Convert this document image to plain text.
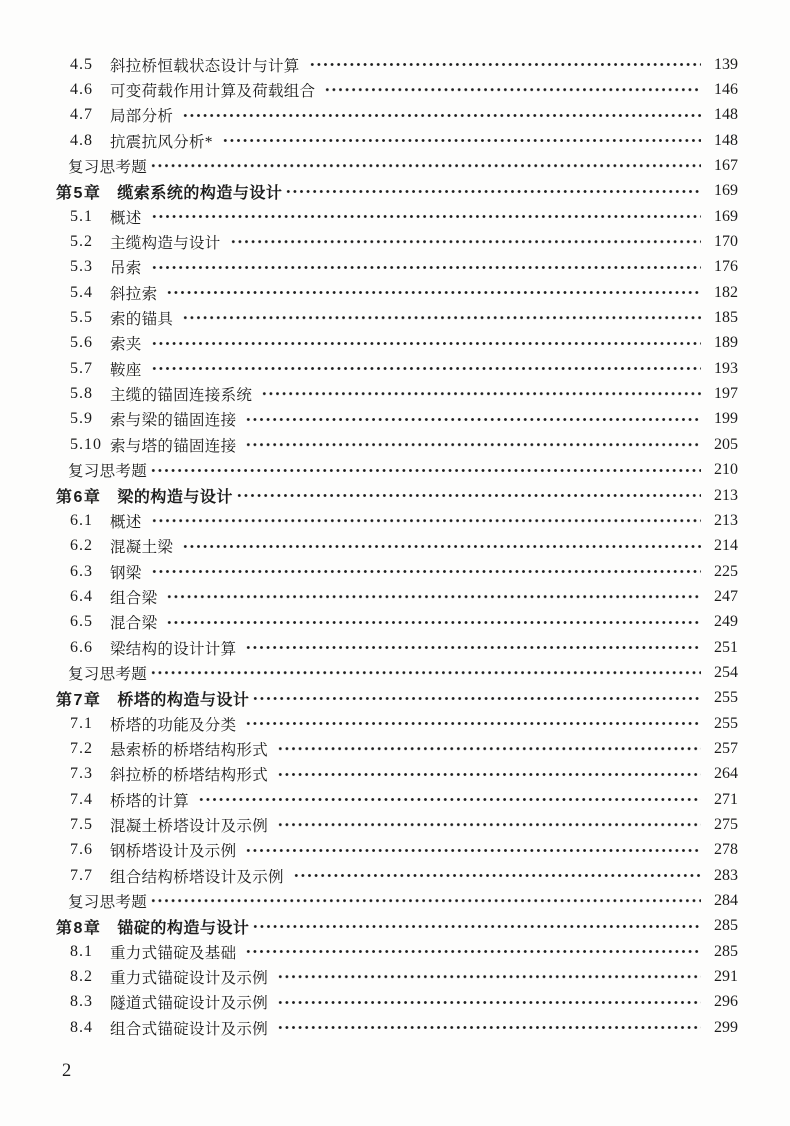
4.5	斜拉桥恒载状态设计与计算	139
4.6	可变荷载作用计算及荷载组合	146
4.7	局部分析	148
4.8	抗震抗风分析*	148
复习思考题	167
第5章 缆索系统的构造与设计	169
5.1	概述	169
5.2	主缆构造与设计	170
5.3	吊索	176
5.4	斜拉索	182
5.5	索的锚具	185
5.6	索夹	189
5.7	鞍座	193
5.8	主缆的锚固连接系统	197
5.9	索与梁的锚固连接	199
5.10 索与塔的锚固连接	205
复习思考题	210
第6章 梁的构造与设计	213
6.1	概述	213
6.2	混凝土梁	214
6.3	钢梁	225
6.4	组合梁	247
6.5	混合梁	249
6.6	梁结构的设计计算	251
复习思考题	254
第7章 桥塔的构造与设计	255
7.1	桥塔的功能及分类	255
7.2	悬索桥的桥塔结构形式	257
7.3	斜拉桥的桥塔结构形式	264
7.4	桥塔的计算	271
7.5	混凝土桥塔设计及示例	275
7.6	钢桥塔设计及示例	278
7.7	组合结构桥塔设计及示例	283
复习思考题	284
第8章 锚碇的构造与设计	285
8.1	重力式锚碇及基础	285
8.2	重力式锚碇设计及示例	291
8.3	隧道式锚碇设计及示例	296
8.4	组合式锚碇设计及示例	299
2
